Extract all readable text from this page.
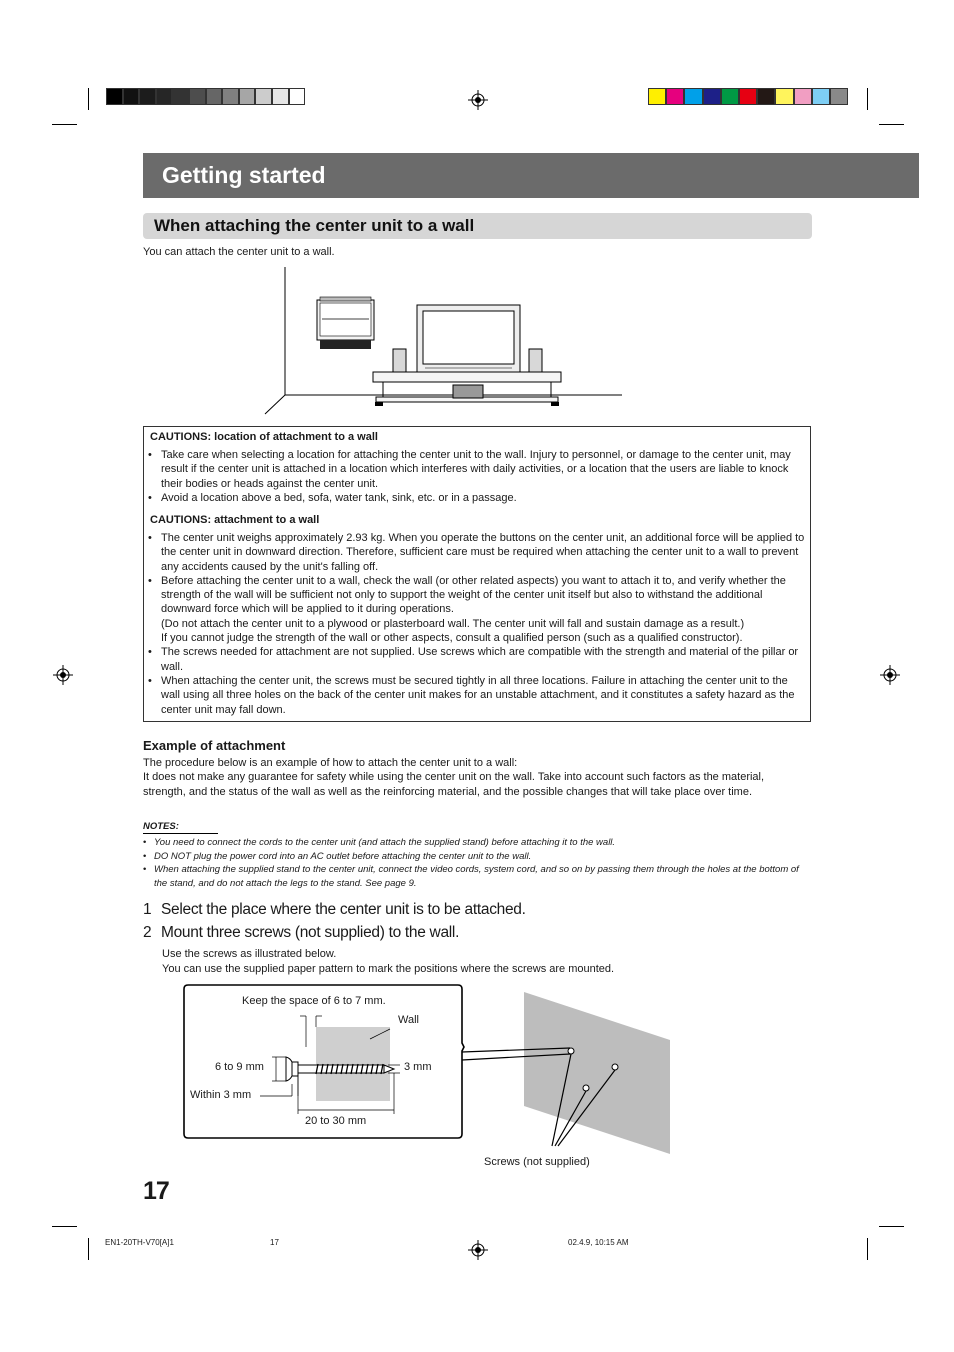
Getting started
When attaching the center unit to a wall
You can attach the center unit to a wall.
CAUTIONS: location of attachment to a wall
• Take care when selecting a location for attaching the center unit to the wall. Injury to personnel, or damage to the center unit, may result if the center unit is attached in a location which interferes with daily activities, or a location that the users are liable to knock their bodies or heads against the center unit.
• Avoid a location above a bed, sofa, water tank, sink, etc. or in a passage.
CAUTIONS: attachment to a wall
• The center unit weighs approximately 2.93 kg. When you operate the buttons on the center unit, an additional force will be applied to the center unit in downward direction. Therefore, sufficient care must be required when attaching the center unit to a wall to prevent any accidents caused by the unit's falling off.
• Before attaching the center unit to a wall, check the wall (or other related aspects) you want to attach it to, and verify whether the strength of the wall will be sufficient not only to support the weight of the center unit itself but also to withstand the additional downward force which will be applied to it during operations.
(Do not attach the center unit to a plywood or plasterboard wall. The center unit will fall and sustain damage as a result.)
If you cannot judge the strength of the wall or other aspects, consult a qualified person (such as a qualified constructor).
• The screws needed for attachment are not supplied. Use screws which are compatible with the strength and material of the pillar or wall.
• When attaching the center unit, the screws must be secured tightly in all three locations. Failure in attaching the center unit to the wall using all three holes on the back of the center unit makes for an unstable attachment, and it constitutes a safety hazard as the center unit may fall down.
Example of attachment
The procedure below is an example of how to attach the center unit to a wall:
It does not make any guarantee for safety while using the center unit on the wall. Take into account such factors as the material, strength, and the status of the wall as well as the reinforcing material, and the possible changes that will take place over time.
NOTES:
• You need to connect the cords to the center unit (and attach the supplied stand) before attaching it to the wall.
• DO NOT plug the power cord into an AC outlet before attaching the center unit to the wall.
• When attaching the supplied stand to the center unit, connect the video cords, system cord, and so on by passing them through the holes at the bottom of the stand, and do not attach the legs to the stand. See page 9.
1 Select the place where the center unit is to be attached.
2 Mount three screws (not supplied) to the wall.
Use the screws as illustrated below.
You can use the supplied paper pattern to mark the positions where the screws are mounted.
Keep the space of 6 to 7 mm.
Wall
6 to 9 mm	3 mm
Within 3 mm
20 to 30 mm
Screws (not supplied)
17
EN1-20TH-V70[A]1	17	02.4.9, 10:15 AM
